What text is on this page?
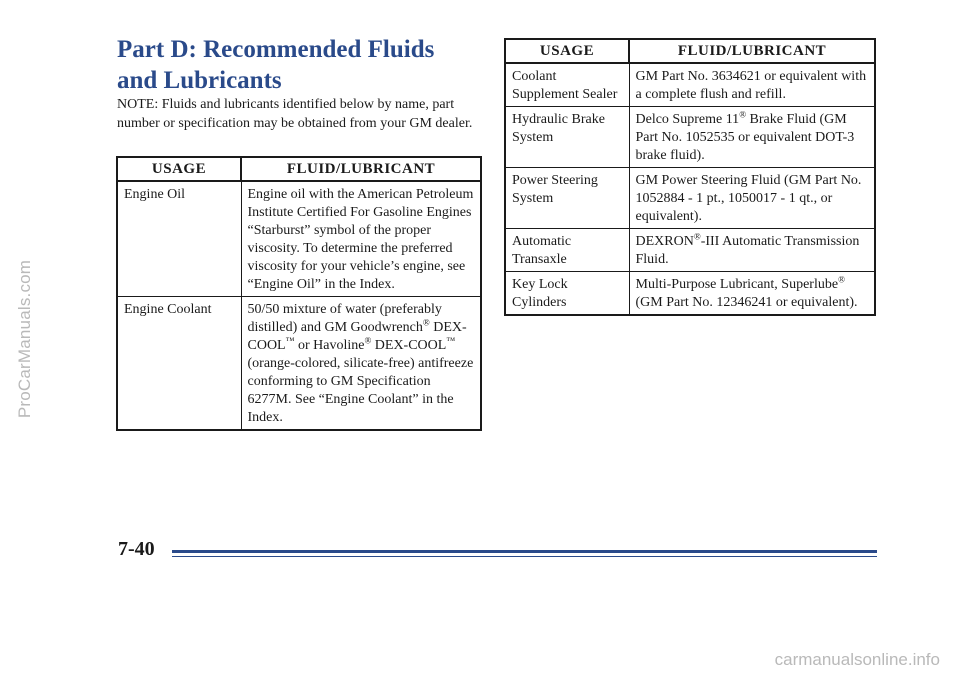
ProCarManuals.com
carmanualsonline.info
Part D: Recommended Fluids and Lubricants

NOTE: Fluids and lubricants identified below by name, part number or specification may be obtained from your GM dealer.

USAGE	FLUID/LUBRICANT
Engine Oil	Engine oil with the American Petroleum Institute Certified For Gasoline Engines “Starburst” symbol of the proper viscosity. To determine the preferred viscosity for your vehicle’s engine, see “Engine Oil” in the Index.
Engine Coolant	50/50 mixture of water (preferably distilled) and GM Goodwrench® DEX-COOL™ or Havoline® DEX-COOL™ (orange-colored, silicate-free) antifreeze conforming to GM Specification 6277M. See “Engine Coolant” in the Index.
USAGE	FLUID/LUBRICANT
Coolant Supplement Sealer	GM Part No. 3634621 or equivalent with a complete flush and refill.
Hydraulic Brake System	Delco Supreme 11® Brake Fluid (GM Part No. 1052535 or equivalent DOT-3 brake fluid).
Power Steering System	GM Power Steering Fluid (GM Part No. 1052884 - 1 pt., 1050017 - 1 qt., or equivalent).
Automatic Transaxle	DEXRON®-III Automatic Transmission Fluid.
Key Lock Cylinders	Multi-Purpose Lubricant, Superlube® (GM Part No. 12346241 or equivalent).
7-40
